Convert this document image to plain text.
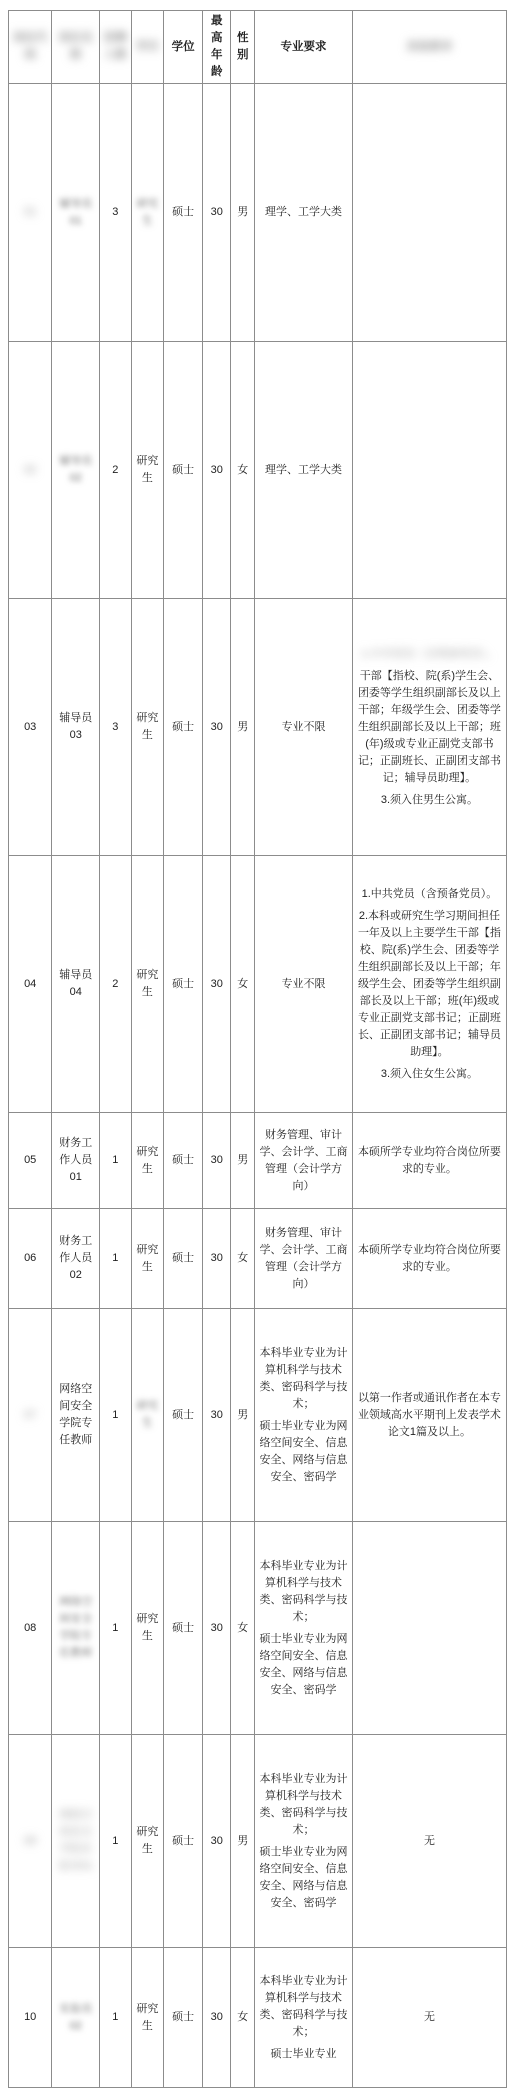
岗位代码	岗位名称	招聘人数	学历	学位	最高年龄	性别	专业要求	其他要求
01	辅导员01	3	研究生	硕士	30	男	理学、工学大类	
02	辅导员02	2	研究生	硕士	30	女	理学、工学大类	
03	辅导员03	3	研究生	硕士	30	男	专业不限	1.中共党员（含预备党员）。

干部【指校、院(系)学生会、团委等学生组织副部长及以上干部；年级学生会、团委等学生组织副部长及以上干部；班(年)级或专业正副党支部书记；正副班长、正副团支部书记；辅导员助理】。

3.须入住男生公寓。

04	辅导员04	2	研究生	硕士	30	女	专业不限	1.中共党员（含预备党员）。

2.本科或研究生学习期间担任一年及以上主要学生干部【指校、院(系)学生会、团委等学生组织副部长及以上干部；年级学生会、团委等学生组织副部长及以上干部；班(年)级或专业正副党支部书记；正副班长、正副团支部书记；辅导员助理】。

3.须入住女生公寓。

05	财务工作人员01	1	研究生	硕士	30	男	财务管理、审计学、会计学、工商管理（会计学方向）	本硕所学专业均符合岗位所要求的专业。

06	财务工作人员02	1	研究生	硕士	30	女	财务管理、审计学、会计学、工商管理（会计学方向）	本硕所学专业均符合岗位所要求的专业。

07	网络空间安全学院专任教师	1	研究生	硕士	30	男	本科毕业专业为计算机科学与技术类、密码科学与技术；

硕士毕业专业为网络空间安全、信息安全、网络与信息安全、密码学	以第一作者或通讯作者在本专业领域高水平期刊上发表学术论文1篇及以上。

08	网络空间安全学院专任教师	1	研究生	硕士	30	女	本科毕业专业为计算机科学与技术类、密码科学与技术；

硕士毕业专业为网络空间安全、信息安全、网络与信息安全、密码学	

09	网络空间安全学院实验员01	1	研究生	硕士	30	男	本科毕业专业为计算机科学与技术类、密码科学与技术；

硕士毕业专业为网络空间安全、信息安全、网络与信息安全、密码学	无
10	实验员02	1	研究生	硕士	30	女	本科毕业专业为计算机科学与技术类、密码科学与技术；

硕士毕业专业	无
